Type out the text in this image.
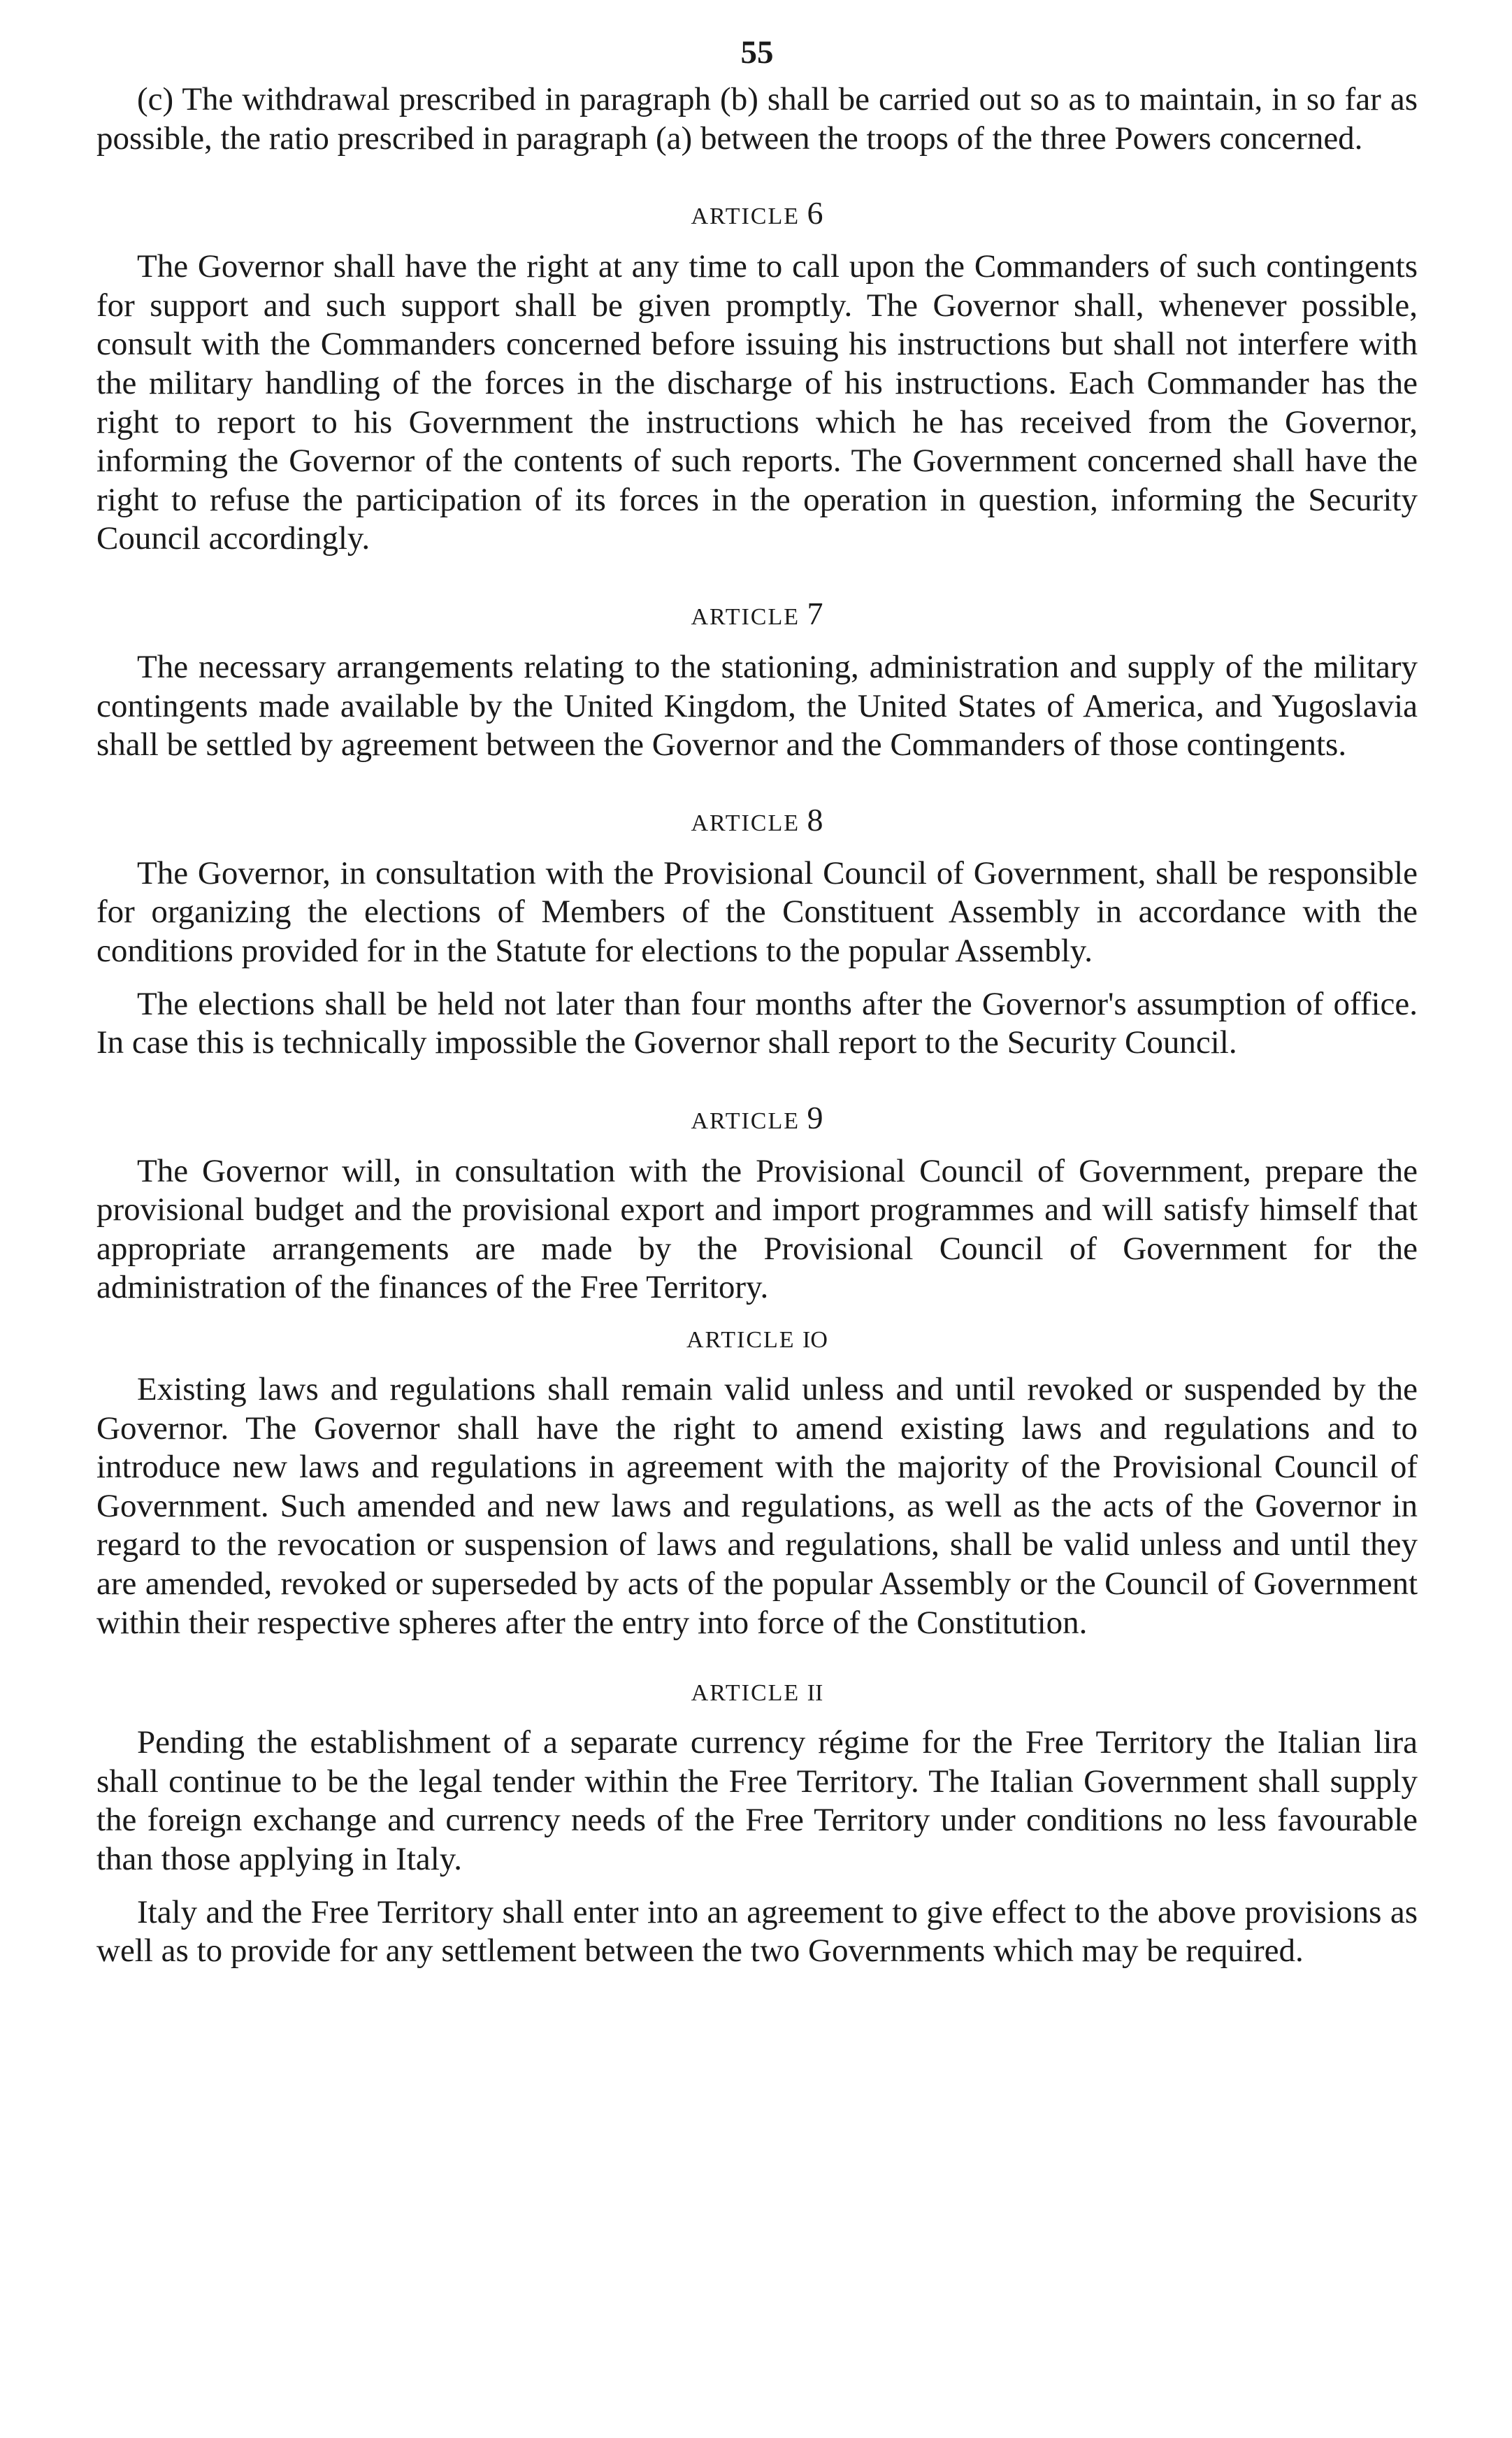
55

(c) The withdrawal prescribed in paragraph (b) shall be carried out so as to maintain, in so far as possible, the ratio prescribed in paragraph (a) between the troops of the three Powers concerned.

ARTICLE 6

The Governor shall have the right at any time to call upon the Commanders of such contingents for support and such support shall be given promptly. The Governor shall, whenever possible, consult with the Commanders concerned before issuing his instructions but shall not interfere with the military handling of the forces in the discharge of his instructions. Each Commander has the right to report to his Government the instructions which he has received from the Governor, informing the Governor of the contents of such reports. The Government concerned shall have the right to refuse the participation of its forces in the operation in question, informing the Security Council accordingly.

ARTICLE 7

The necessary arrangements relating to the stationing, administration and supply of the military contingents made available by the United Kingdom, the United States of America, and Yugoslavia shall be settled by agreement between the Governor and the Commanders of those contingents.

ARTICLE 8

The Governor, in consultation with the Provisional Council of Government, shall be responsible for organizing the elections of Members of the Constituent Assembly in accordance with the conditions provided for in the Statute for elections to the popular Assembly.

The elections shall be held not later than four months after the Governor's assumption of office. In case this is technically impossible the Governor shall report to the Security Council.

ARTICLE 9

The Governor will, in consultation with the Provisional Council of Government, prepare the provisional budget and the provisional export and import programmes and will satisfy himself that appropriate arrangements are made by the Provisional Council of Government for the administration of the finances of the Free Territory.

ARTICLE IO

Existing laws and regulations shall remain valid unless and until revoked or suspended by the Governor. The Governor shall have the right to amend existing laws and regulations and to introduce new laws and regulations in agreement with the majority of the Provisional Council of Government. Such amended and new laws and regulations, as well as the acts of the Governor in regard to the revocation or suspension of laws and regulations, shall be valid unless and until they are amended, revoked or superseded by acts of the popular Assembly or the Council of Government within their respective spheres after the entry into force of the Constitution.

ARTICLE II

Pending the establishment of a separate currency régime for the Free Territory the Italian lira shall continue to be the legal tender within the Free Territory. The Italian Government shall supply the foreign exchange and currency needs of the Free Territory under conditions no less favourable than those applying in Italy.

Italy and the Free Territory shall enter into an agreement to give effect to the above provisions as well as to provide for any settlement between the two Governments which may be required.
